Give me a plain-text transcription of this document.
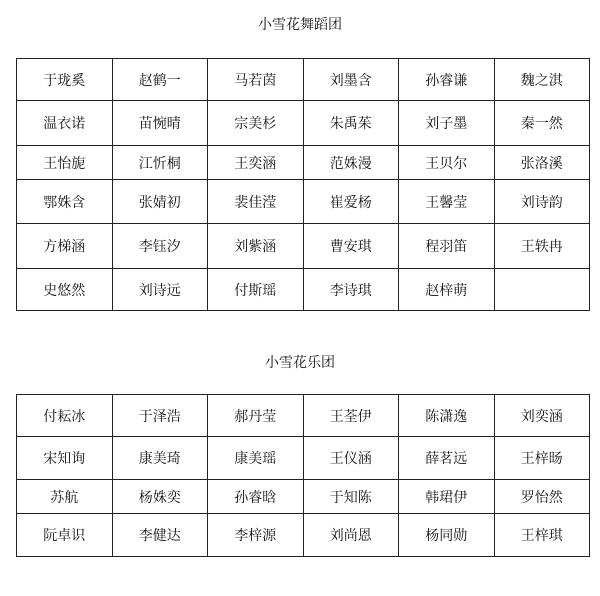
小雪花舞蹈团
于珑奚	赵鹤一	马若茵	刘墨含	孙睿谦	魏之淇
温衣诺	苗惋晴	宗美杉	朱禹茱	刘子墨	秦一然
王怡旎	江忻桐	王奕涵	范姝漫	王贝尔	张洛溪
鄂姝含	张婧初	裴佳滢	崔爱杨	王馨莹	刘诗韵
方梯涵	李钰汐	刘紫涵	曹安琪	程羽笛	王轶冉
史悠然	刘诗远	付斯瑶	李诗琪	赵梓萌	
小雪花乐团
付耘冰	于泽浩	郝丹莹	王荃伊	陈潇逸	刘奕涵
宋知询	康美琦	康美瑶	王仪涵	薛茗远	王梓旸
苏航	杨姝奕	孙睿晗	于知陈	韩珺伊	罗怡然
阮卓识	李健达	李梓源	刘尚恩	杨同勋	王梓琪
